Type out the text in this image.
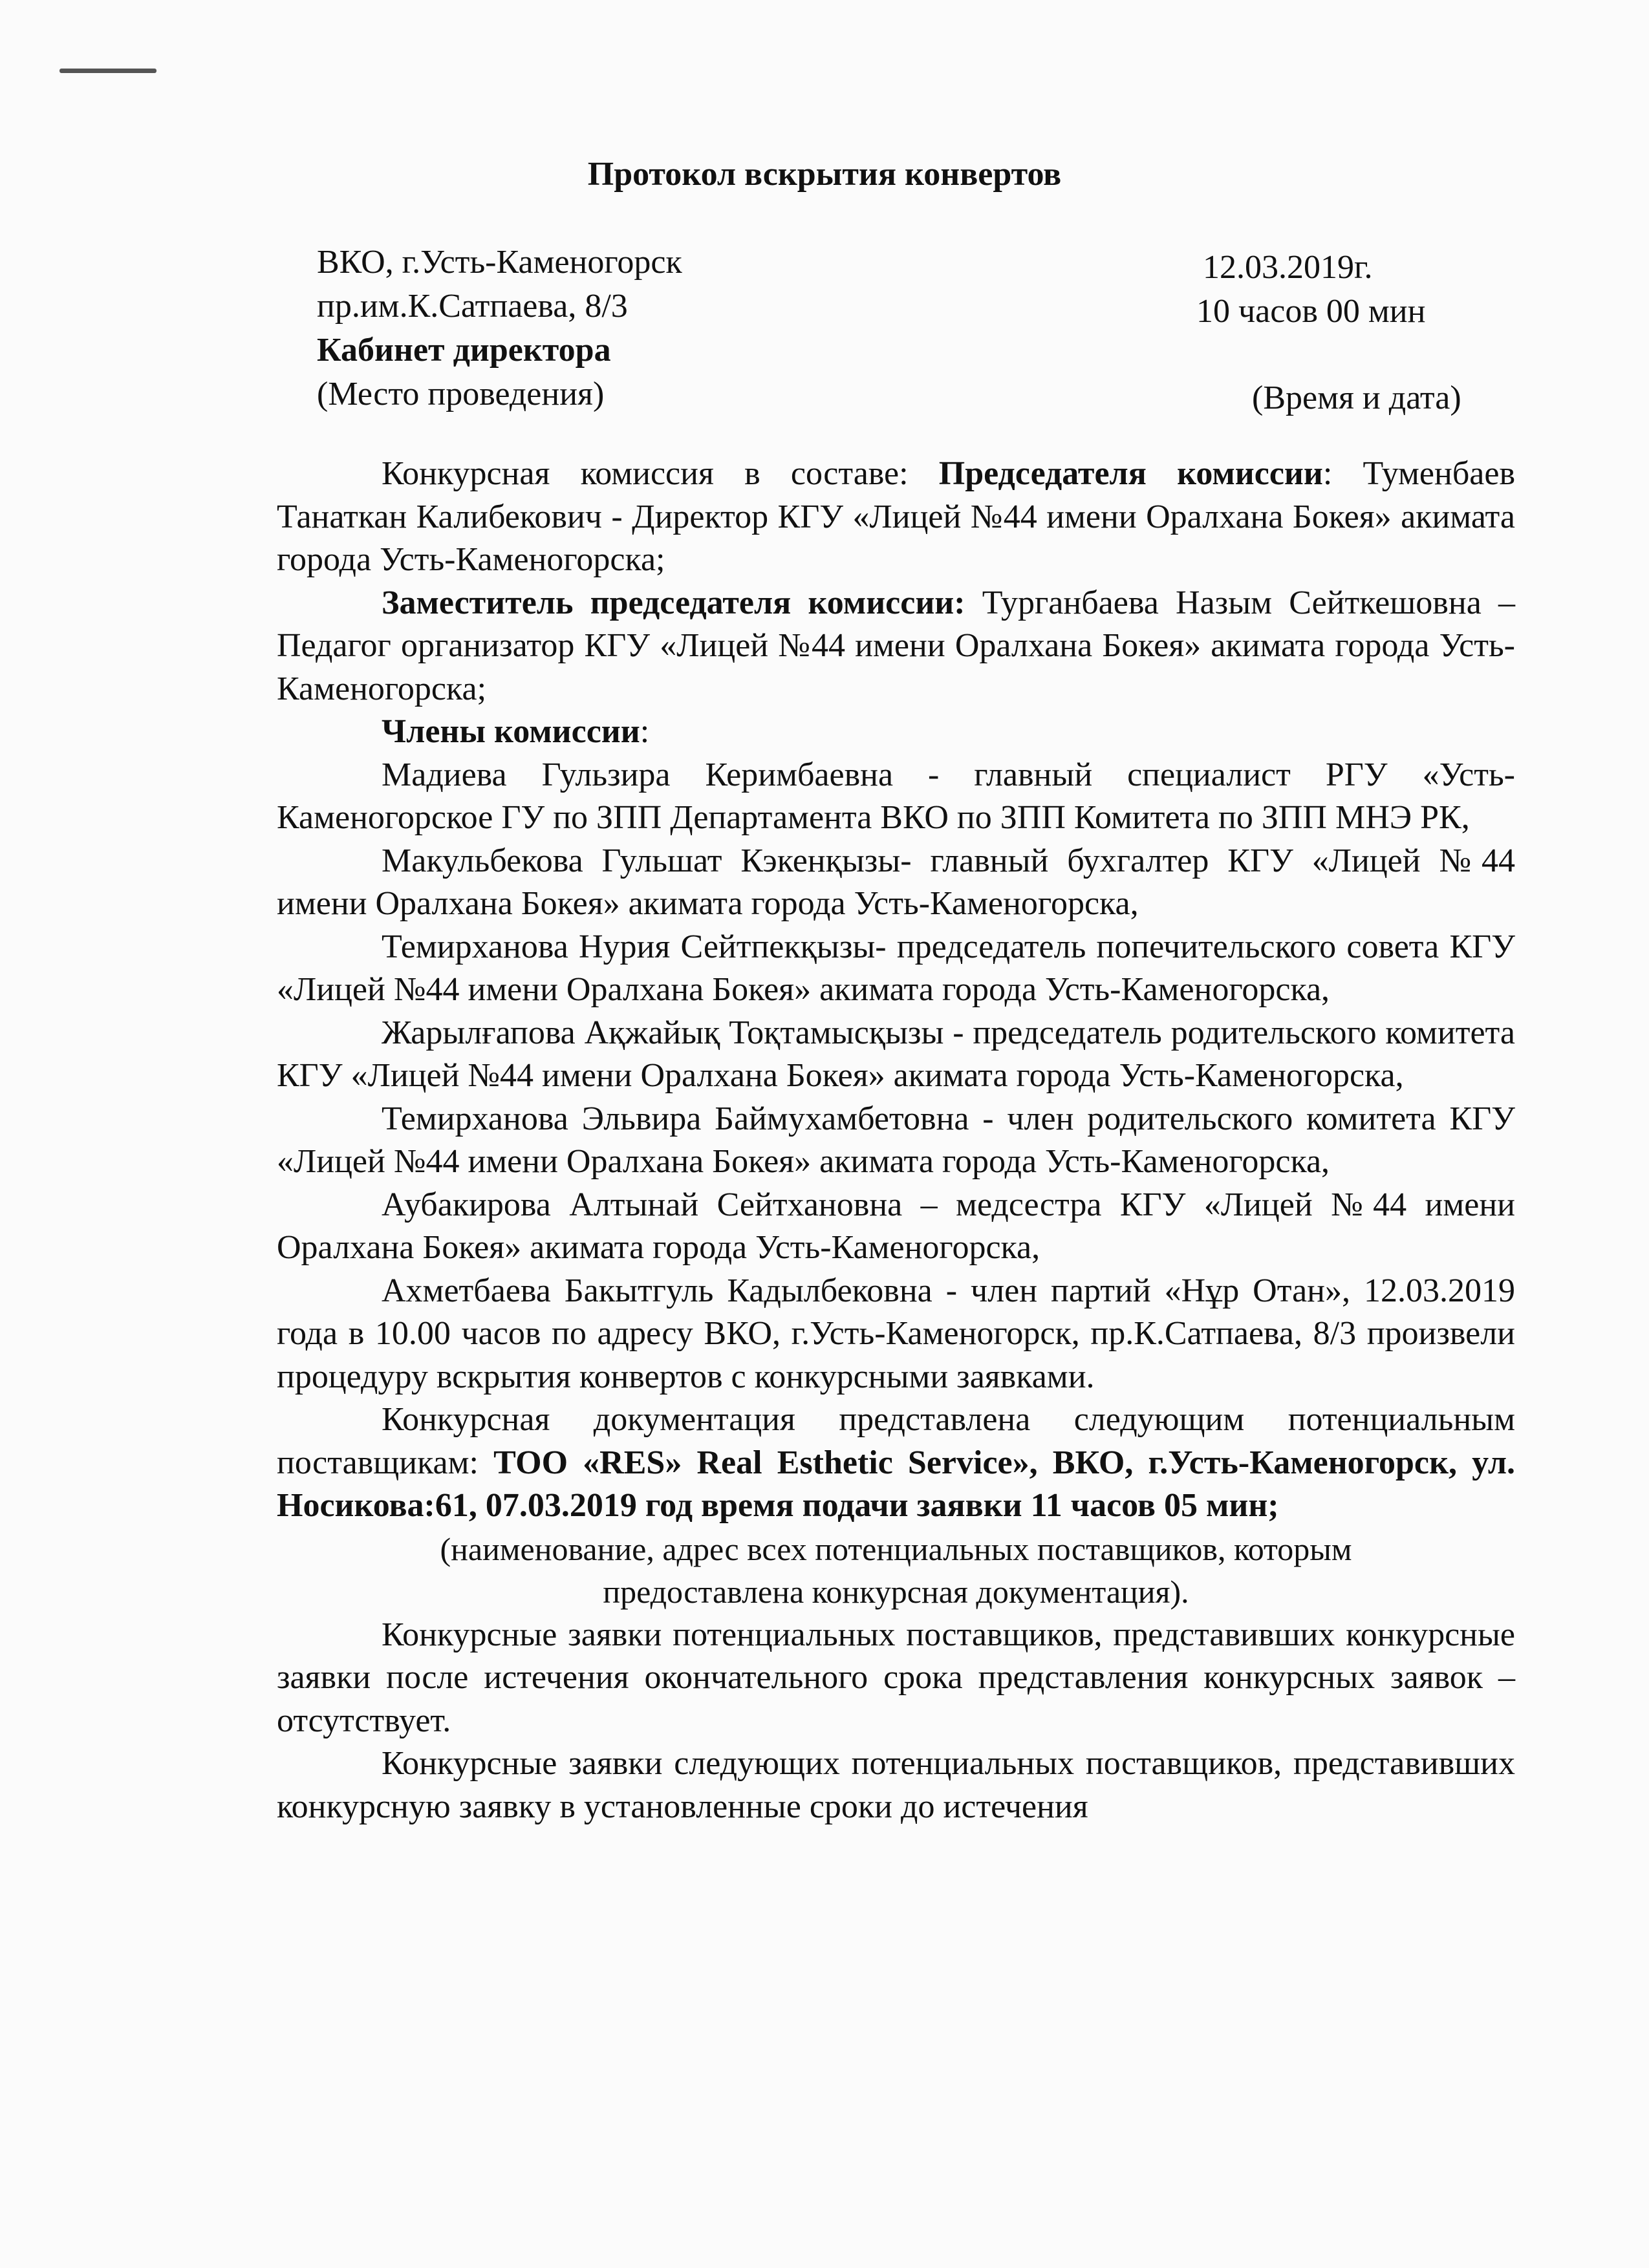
Протокол вскрытия конвертов
ВКО, г.Усть-Каменогорск
пр.им.К.Сатпаева, 8/3
Кабинет директора
(Место проведения)
12.03.2019г.
10 часов 00 мин
(Время и дата)

Конкурсная комиссия в составе: Председателя комиссии: Туменбаев Танаткан Калибекович - Директор КГУ «Лицей №44 имени Оралхана Бокея» акимата города Усть-Каменогорска;

Заместитель председателя комиссии: Турганбаева Назым Сейткешовна – Педагог организатор КГУ «Лицей №44 имени Оралхана Бокея» акимата города Усть-Каменогорска;

Члены комиссии:

Мадиева Гульзира Керимбаевна - главный специалист РГУ «Усть-Каменогорское ГУ по ЗПП Департамента ВКО по ЗПП Комитета по ЗПП МНЭ РК,

Макульбекова Гульшат Кэкенқызы- главный бухгалтер КГУ «Лицей №44 имени Оралхана Бокея» акимата города Усть-Каменогорска,

Темирханова Нурия Сейтпекқызы- председатель попечительского совета КГУ «Лицей №44 имени Оралхана Бокея» акимата города Усть-Каменогорска,

Жарылғапова Ақжайық Тоқтамысқызы - председатель родительского комитета КГУ «Лицей №44 имени Оралхана Бокея» акимата города Усть-Каменогорска,

Темирханова Эльвира Баймухамбетовна - член родительского комитета КГУ «Лицей №44 имени Оралхана Бокея» акимата города Усть-Каменогорска,

Аубакирова Алтынай Сейтхановна – медсестра КГУ «Лицей №44 имени Оралхана Бокея» акимата города Усть-Каменогорска,

Ахметбаева Бакытгуль Кадылбековна - член партий «Нұр Отан», 12.03.2019 года в 10.00 часов по адресу ВКО, г.Усть-Каменогорск, пр.К.Сатпаева, 8/3 произвели процедуру вскрытия конвертов с конкурсными заявками.

Конкурсная документация представлена следующим потенциальным поставщикам: ТОО «RES» Real Esthetic Service», ВКО, г.Усть-Каменогорск, ул. Носикова:61, 07.03.2019 год время подачи заявки 11 часов 05 мин;

(наименование, адрес всех потенциальных поставщиков, которым

предоставлена конкурсная документация).

Конкурсные заявки потенциальных поставщиков, представивших конкурсные заявки после истечения окончательного срока представления конкурсных заявок – отсутствует.

Конкурсные заявки следующих потенциальных поставщиков, представивших конкурсную заявку в установленные сроки до истечения
